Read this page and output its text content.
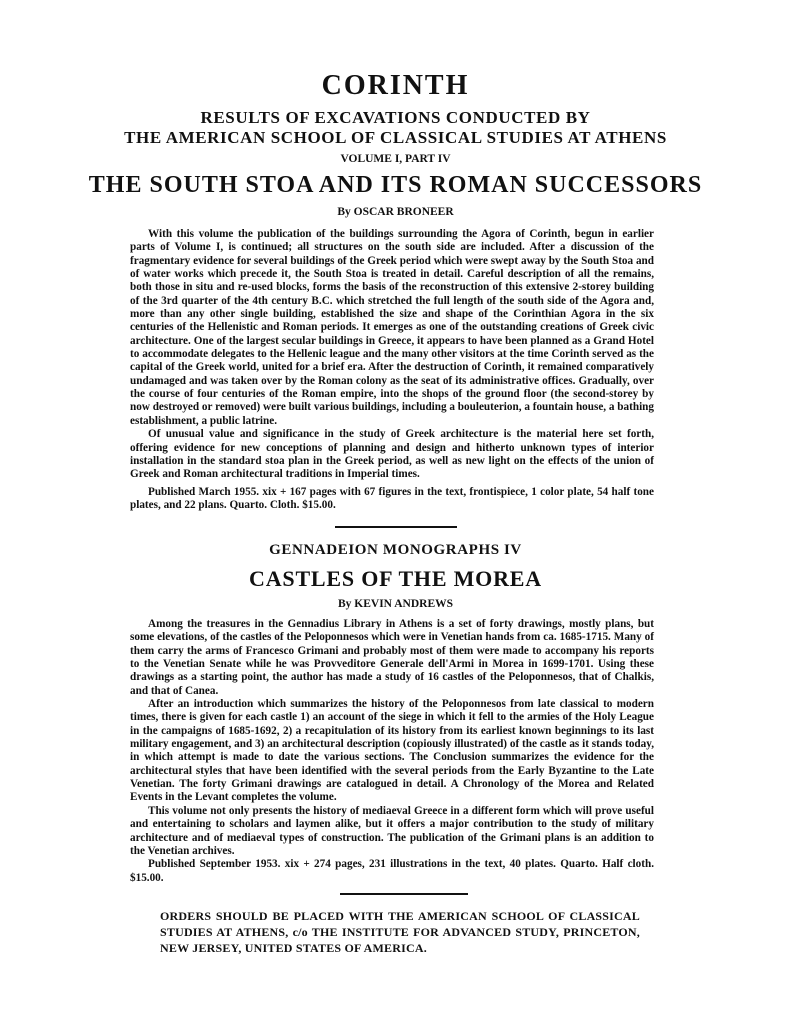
CORINTH
RESULTS OF EXCAVATIONS CONDUCTED BY
THE AMERICAN SCHOOL OF CLASSICAL STUDIES AT ATHENS
VOLUME I, PART IV
THE SOUTH STOA AND ITS ROMAN SUCCESSORS
By OSCAR BRONEER

With this volume the publication of the buildings surrounding the Agora of Corinth, begun in earlier parts of Volume I, is continued; all structures on the south side are included. After a discussion of the fragmentary evidence for several buildings of the Greek period which were swept away by the South Stoa and of water works which precede it, the South Stoa is treated in detail. Careful description of all the remains, both those in situ and re-used blocks, forms the basis of the reconstruction of this extensive 2-storey building of the 3rd quarter of the 4th century B.C. which stretched the full length of the south side of the Agora and, more than any other single building, established the size and shape of the Corinthian Agora in the six centuries of the Hellenistic and Roman periods. It emerges as one of the outstanding creations of Greek civic architecture. One of the largest secular buildings in Greece, it appears to have been planned as a Grand Hotel to accommodate delegates to the Hellenic league and the many other visitors at the time Corinth served as the capital of the Greek world, united for a brief era. After the destruction of Corinth, it remained comparatively undamaged and was taken over by the Roman colony as the seat of its administrative offices. Gradually, over the course of four centuries of the Roman empire, into the shops of the ground floor (the second-storey by now destroyed or removed) were built various buildings, including a bouleuterion, a fountain house, a bathing establishment, a public latrine.

Of unusual value and significance in the study of Greek architecture is the material here set forth, offering evidence for new conceptions of planning and design and hitherto unknown types of interior installation in the standard stoa plan in the Greek period, as well as new light on the effects of the union of Greek and Roman architectural traditions in Imperial times.

Published March 1955. xix + 167 pages with 67 figures in the text, frontispiece, 1 color plate, 54 half tone plates, and 22 plans. Quarto. Cloth. $15.00.

GENNADEION MONOGRAPHS IV
CASTLES OF THE MOREA
By KEVIN ANDREWS

Among the treasures in the Gennadius Library in Athens is a set of forty drawings, mostly plans, but some elevations, of the castles of the Peloponnesos which were in Venetian hands from ca. 1685-1715. Many of them carry the arms of Francesco Grimani and probably most of them were made to accompany his reports to the Venetian Senate while he was Provveditore Generale dell'Armi in Morea in 1699-1701. Using these drawings as a starting point, the author has made a study of 16 castles of the Peloponnesos, that of Chalkis, and that of Canea.

After an introduction which summarizes the history of the Peloponnesos from late classical to modern times, there is given for each castle 1) an account of the siege in which it fell to the armies of the Holy League in the campaigns of 1685-1692, 2) a recapitulation of its history from its earliest known beginnings to its last military engagement, and 3) an architectural description (copiously illustrated) of the castle as it stands today, in which attempt is made to date the various sections. The Conclusion summarizes the evidence for the architectural styles that have been identified with the several periods from the Early Byzantine to the Late Venetian. The forty Grimani drawings are catalogued in detail. A Chronology of the Morea and Related Events in the Levant completes the volume.

This volume not only presents the history of mediaeval Greece in a different form which will prove useful and entertaining to scholars and laymen alike, but it offers a major contribution to the study of military architecture and of mediaeval types of construction. The publication of the Grimani plans is an addition to the Venetian archives.

Published September 1953. xix + 274 pages, 231 illustrations in the text, 40 plates. Quarto. Half cloth. $15.00.

ORDERS SHOULD BE PLACED WITH THE AMERICAN SCHOOL OF CLASSICAL STUDIES AT ATHENS, c/o THE INSTITUTE FOR ADVANCED STUDY, PRINCETON, NEW JERSEY, UNITED STATES OF AMERICA.
